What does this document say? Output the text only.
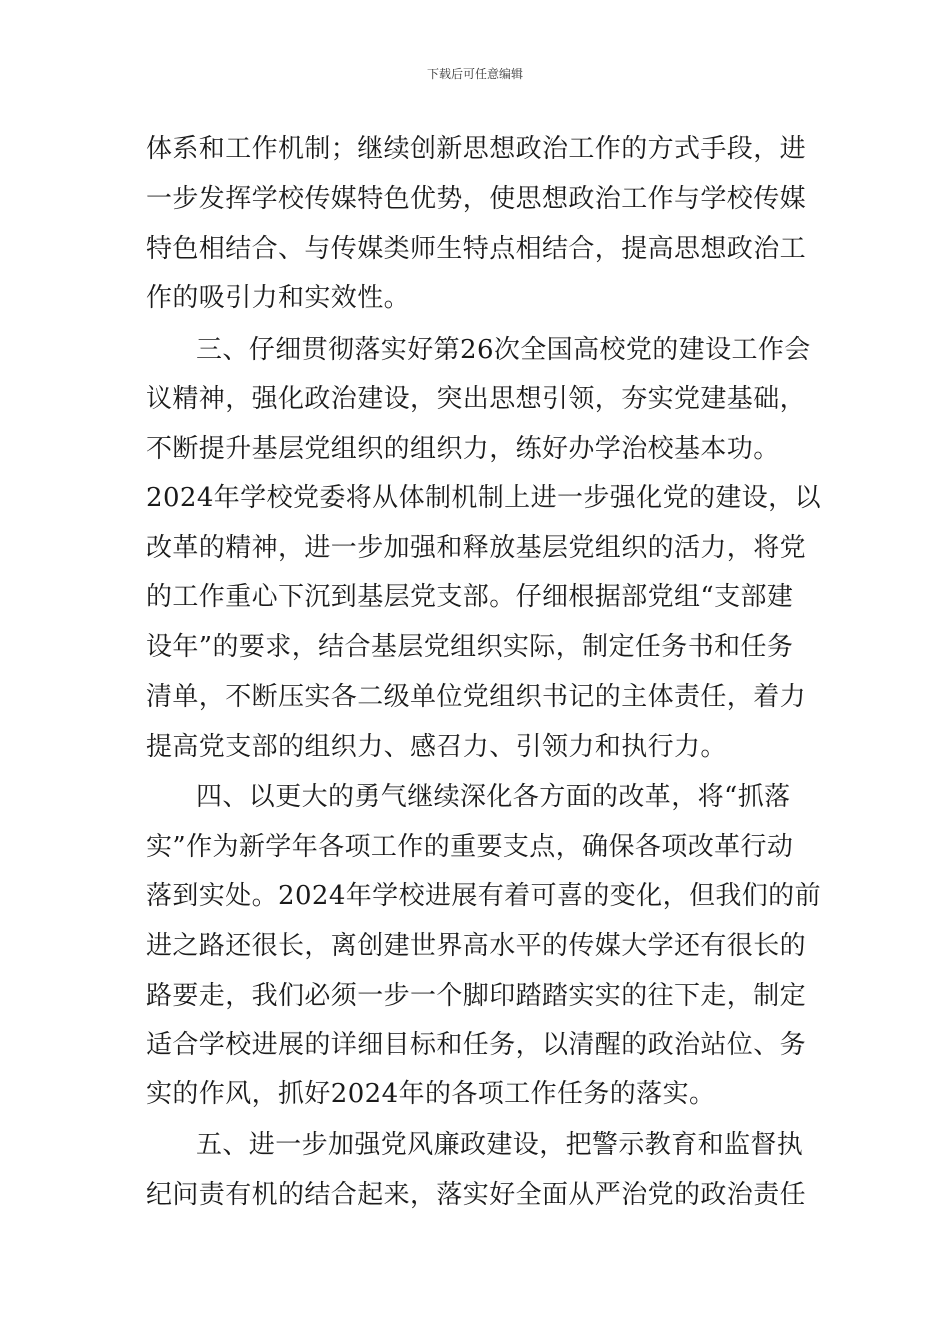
下载后可任意编辑
体系和工作机制；继续创新思想政治工作的方式手段，进
一步发挥学校传媒特色优势，使思想政治工作与学校传媒
特色相结合、与传媒类师生特点相结合，提高思想政治工
作的吸引力和实效性。
三、仔细贯彻落实好第26次全国高校党的建设工作会
议精神，强化政治建设，突出思想引领，夯实党建基础，
不断提升基层党组织的组织力，练好办学治校基本功。
2024年学校党委将从体制机制上进一步强化党的建设，以
改革的精神，进一步加强和释放基层党组织的活力，将党
的工作重心下沉到基层党支部。仔细根据部党组“支部建
设年”的要求，结合基层党组织实际，制定任务书和任务
清单，不断压实各二级单位党组织书记的主体责任，着力
提高党支部的组织力、感召力、引领力和执行力。
四、以更大的勇气继续深化各方面的改革，将“抓落
实”作为新学年各项工作的重要支点，确保各项改革行动
落到实处。2024年学校进展有着可喜的变化，但我们的前
进之路还很长，离创建世界高水平的传媒大学还有很长的
路要走，我们必须一步一个脚印踏踏实实的往下走，制定
适合学校进展的详细目标和任务，以清醒的政治站位、务
实的作风，抓好2024年的各项工作任务的落实。
五、进一步加强党风廉政建设，把警示教育和监督执
纪问责有机的结合起来，落实好全面从严治党的政治责任
